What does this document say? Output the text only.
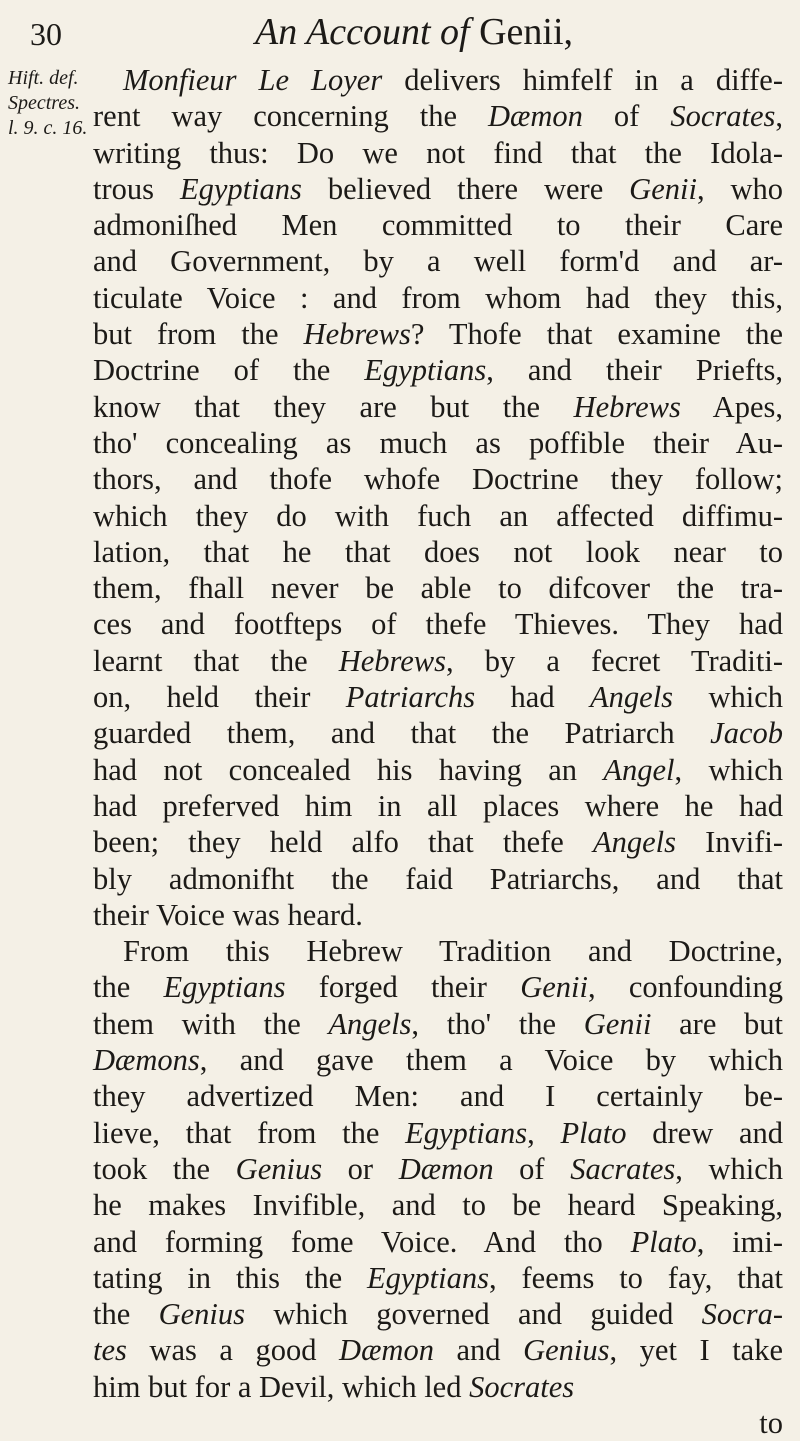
30	An Account of Genii,
Hift. def.
Spectres.
l. 9. c. 16.
Monfieur Le Loyer delivers himfelf in a diffe-
rent way concerning the Dæmon of Socrates,
writing thus: Do we not find that the Idola-
trous Egyptians believed there were Genii, who
admoniſhed Men committed to their Care
and Government, by a well form'd and ar-
ticulate Voice : and from whom had they this,
but from the Hebrews? Thofe that examine the
Doctrine of the Egyptians, and their Priefts,
know that they are but the Hebrews Apes,
tho' concealing as much as poffible their Au-
thors, and thofe whofe Doctrine they follow;
which they do with fuch an affected diffimu-
lation, that he that does not look near to
them, fhall never be able to difcover the tra-
ces and footfteps of thefe Thieves. They had
learnt that the Hebrews, by a fecret Traditi-
on, held their Patriarchs had Angels which
guarded them, and that the Patriarch Jacob
had not concealed his having an Angel, which
had preferved him in all places where he had
been; they held alfo that thefe Angels Invifi-
bly admonifht the faid Patriarchs, and that
their Voice was heard.
From this Hebrew Tradition and Doctrine,
the Egyptians forged their Genii, confounding
them with the Angels, tho' the Genii are but
Dæmons, and gave them a Voice by which
they advertized Men: and I certainly be-
lieve, that from the Egyptians, Plato drew and
took the Genius or Dæmon of Sacrates, which
he makes Invifible, and to be heard Speaking,
and forming fome Voice. And tho Plato, imi-
tating in this the Egyptians, feems to fay, that
the Genius which governed and guided Socra-
tes was a good Dæmon and Genius, yet I take
him but for a Devil, which led Socrates
to
